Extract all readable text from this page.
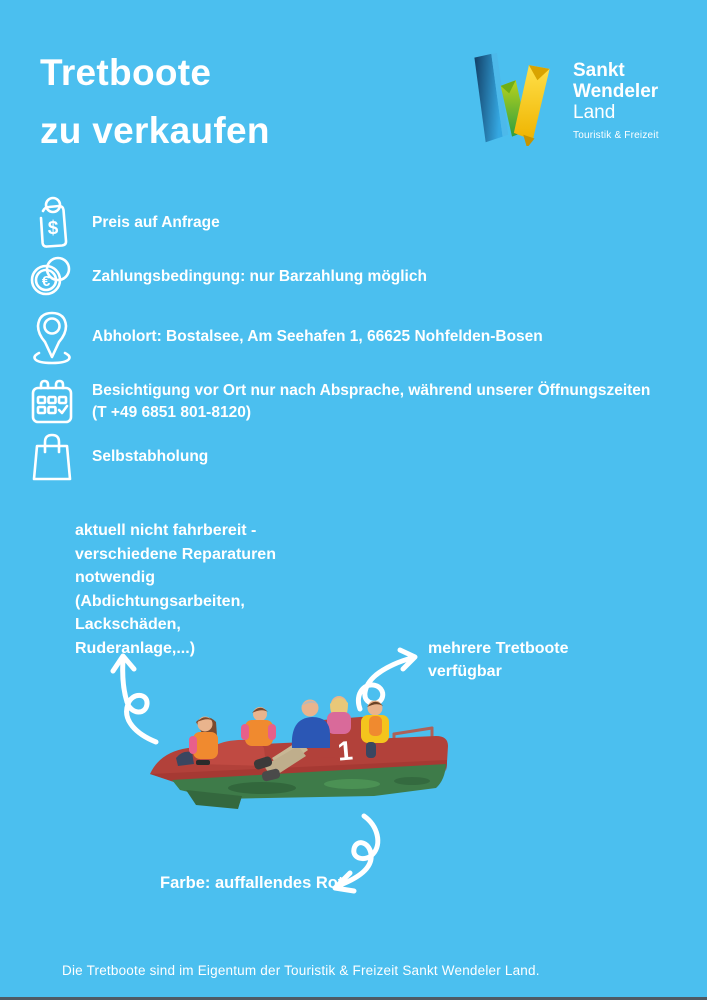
Tretboote
zu verkaufen
Sankt
Wendeler
Land
Touristik & Freizeit
$ Preis auf Anfrage
€	Zahlungsbedingung: nur Barzahlung möglich
Abholort: Bostalsee, Am Seehafen 1, 66625 Nohfelden-Bosen
Besichtigung vor Ort nur nach Absprache, während unserer Öffnungszeiten
(T +49 6851 801-8120)
Selbstabholung
aktuell nicht fahrbereit -
verschiedene Reparaturen
notwendig
(Abdichtungsarbeiten,
Lackschäden,
Ruderanlage,...)	mehrere Tretboote
verfügbar
1
Farbe: auffallendes Rot
Die Tretboote sind im Eigentum der Touristik & Freizeit Sankt Wendeler Land.
